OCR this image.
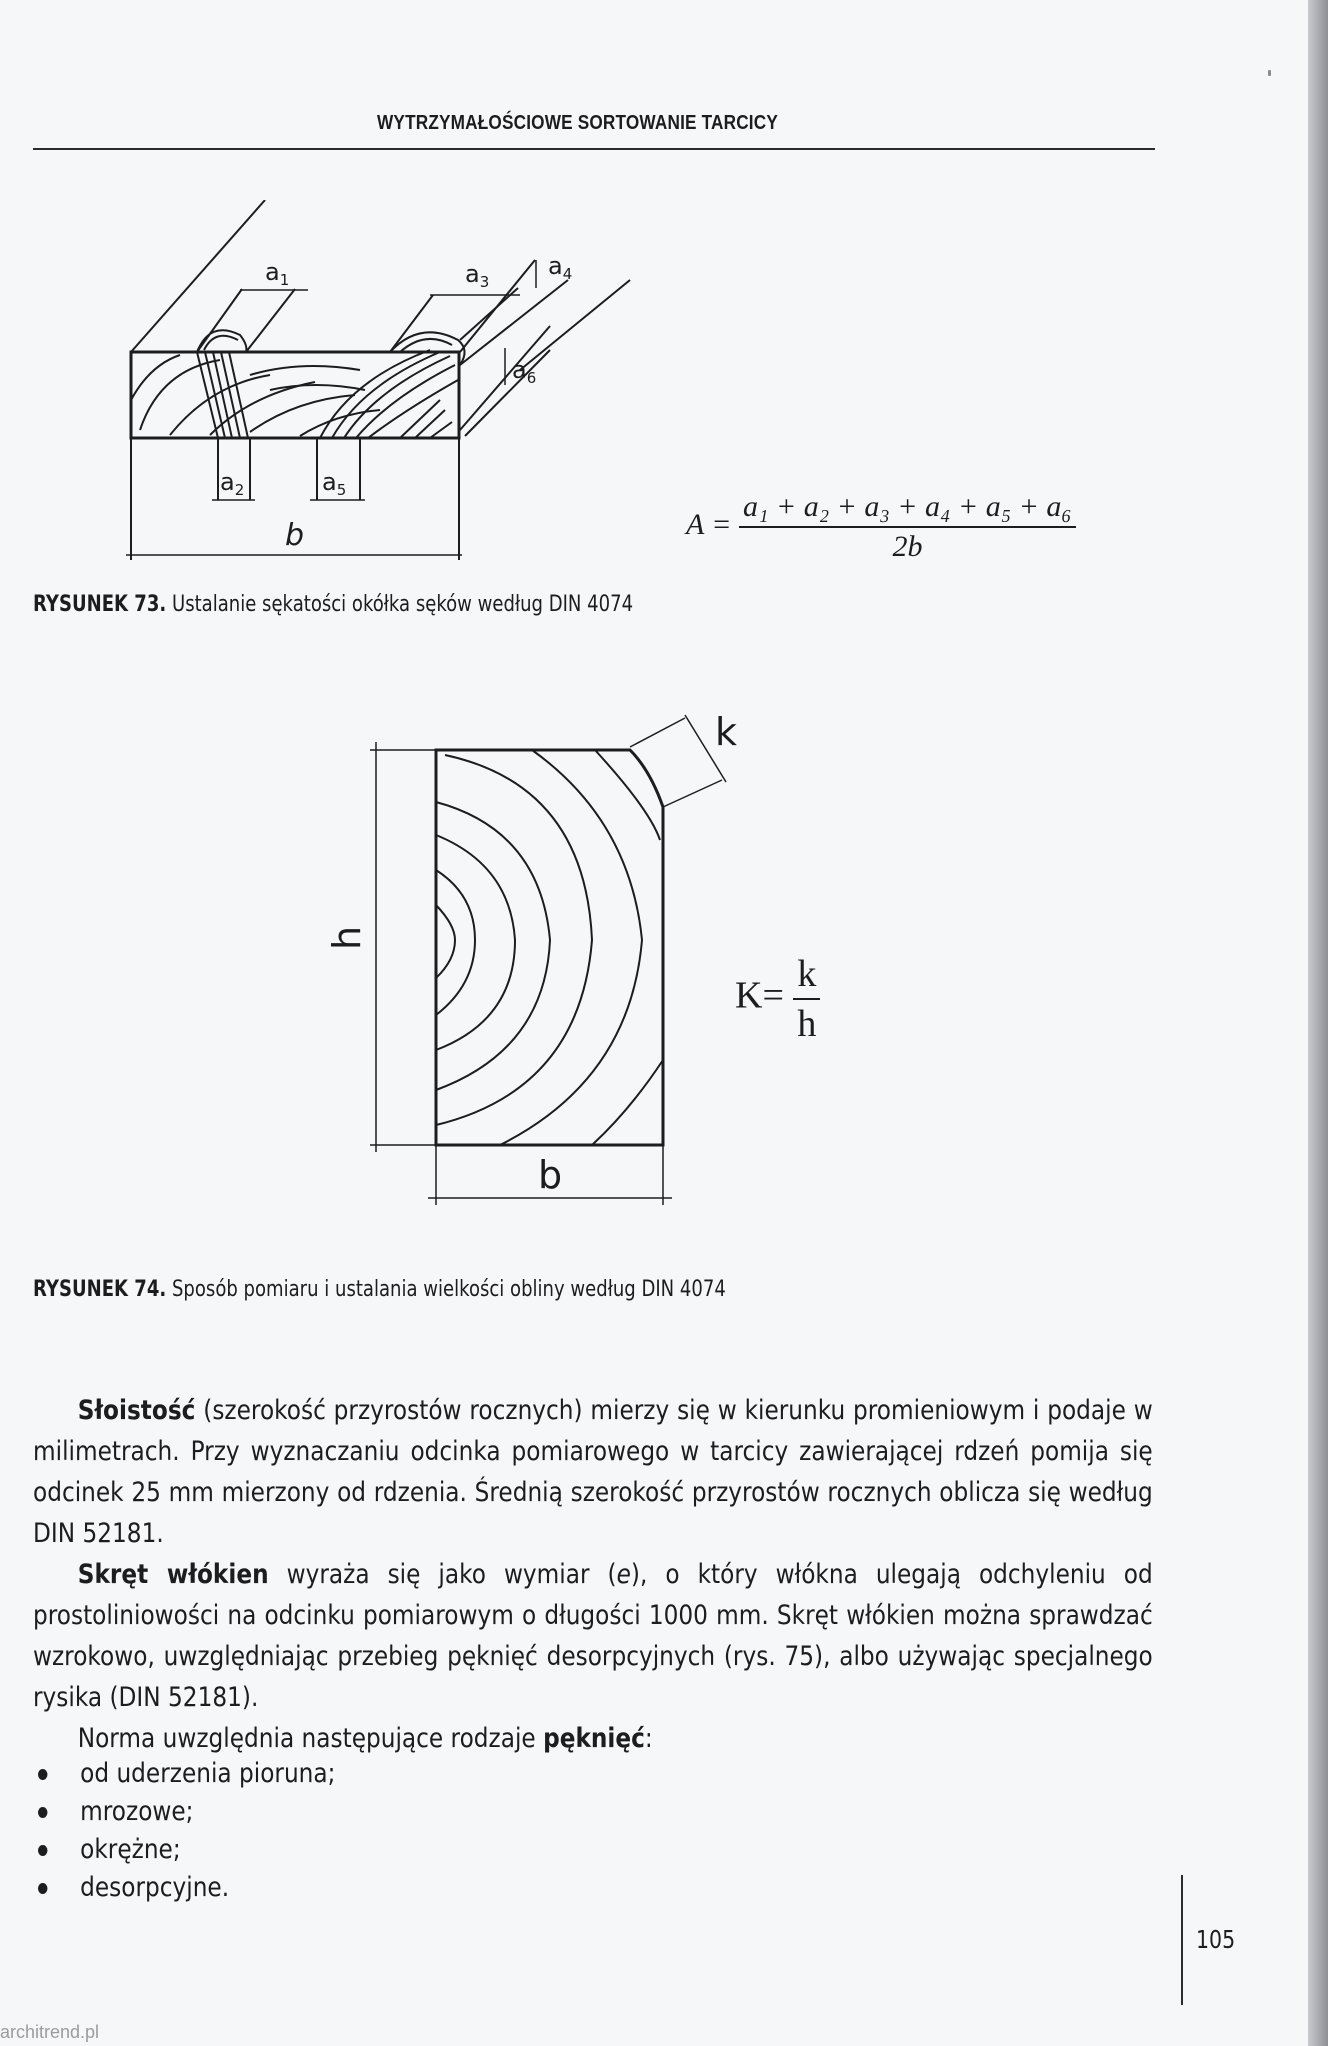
WYTRZYMAŁOŚCIOWE SORTOWANIE TARCICY
$a_1$	$a_3$
$a_4$
$a_6$
$a_2$	$a_5$
b	$A = \frac{\text{a₁ + a₂ + a₃ + a₄ + a₅ + a₆}}{2b}$
RYSUNEK 73. Ustalanie sękatości okółka sęków według DIN 4074
k
h
b
$K= \frac{k}{h}$
RYSUNEK 74. Sposób pomiaru i ustalania wielkości obliny według DIN 4074

Słoistość (szerokość przyrostów rocznych) mierzy się w kierunku promieniowym i podaje w milimetrach. Przy wyznaczaniu odcinka pomiarowego w tarcicy zawierającej rdzeń pomija się odcinek 25 mm mierzony od rdzenia. Średnią szerokość przyrostów rocznych oblicza się według DIN 52181.

Skręt włókien wyraża się jako wymiar (e), o który włókna ulegają odchyleniu od prostoliniowości na odcinku pomiarowym o długości 1000 mm. Skręt włókien można sprawdzać wzrokowo, uwzględniając przebieg pęknięć desorpcyjnych (rys. 75), albo używając specjalnego rysika (DIN 52181).

Norma uwzględnia następujące rodzaje pęknięć:

od uderzenia pioruna;
mrozowe;
okrężne;
desorpcyjne.
105
architrend.pl
